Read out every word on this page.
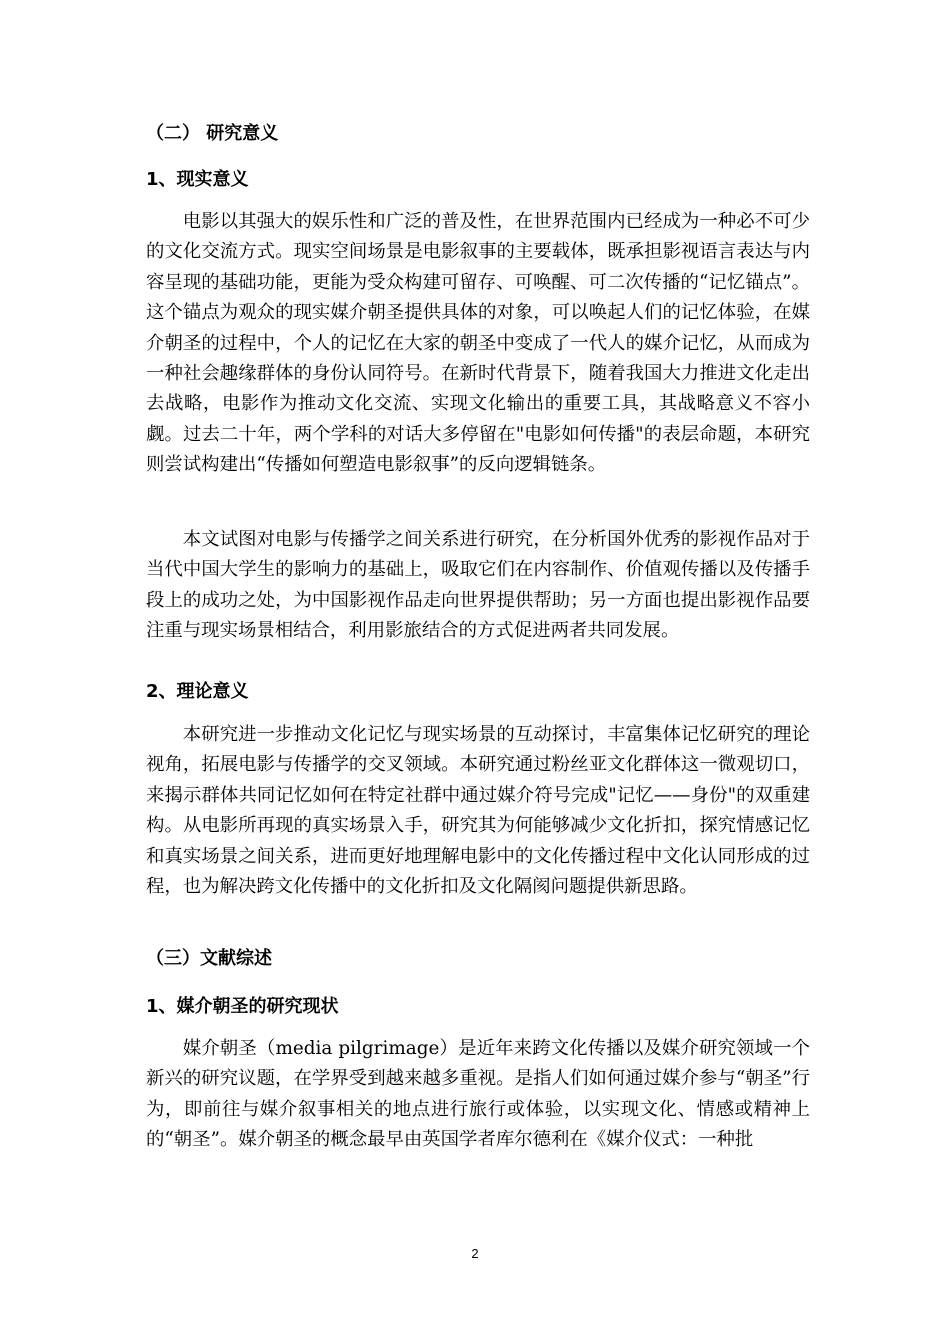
（二） 研究意义
1、现实意义

电影以其强大的娱乐性和广泛的普及性，在世界范围内已经成为一种必不可少的文化交流方式。现实空间场景是电影叙事的主要载体，既承担影视语言表达与内容呈现的基础功能，更能为受众构建可留存、可唤醒、可二次传播的“记忆锚点”。这个锚点为观众的现实媒介朝圣提供具体的对象，可以唤起人们的记忆体验，在媒介朝圣的过程中，个人的记忆在大家的朝圣中变成了一代人的媒介记忆，从而成为一种社会趣缘群体的身份认同符号。在新时代背景下，随着我国大力推进文化走出去战略，电影作为推动文化交流、实现文化输出的重要工具，其战略意义不容小觑。过去二十年，两个学科的对话大多停留在"电影如何传播"的表层命题，本研究则尝试构建出“传播如何塑造电影叙事”的反向逻辑链条。

本文试图对电影与传播学之间关系进行研究，在分析国外优秀的影视作品对于当代中国大学生的影响力的基础上，吸取它们在内容制作、价值观传播以及传播手段上的成功之处，为中国影视作品走向世界提供帮助；另一方面也提出影视作品要注重与现实场景相结合，利用影旅结合的方式促进两者共同发展。

2、理论意义

本研究进一步推动文化记忆与现实场景的互动探讨，丰富集体记忆研究的理论视角，拓展电影与传播学的交叉领域。本研究通过粉丝亚文化群体这一微观切口，来揭示群体共同记忆如何在特定社群中通过媒介符号完成"记忆——身份"的双重建构。从电影所再现的真实场景入手，研究其为何能够减少文化折扣，探究情感记忆和真实场景之间关系，进而更好地理解电影中的文化传播过程中文化认同形成的过程，也为解决跨文化传播中的文化折扣及文化隔阂问题提供新思路。

（三）文献综述
1、媒介朝圣的研究现状

媒介朝圣（media pilgrimage）是近年来跨文化传播以及媒介研究领域一个新兴的研究议题，在学界受到越来越多重视。是指人们如何通过媒介参与“朝圣”行为，即前往与媒介叙事相关的地点进行旅行或体验，以实现文化、情感或精神上的“朝圣”。媒介朝圣的概念最早由英国学者库尔德利在《媒介仪式：一种批

2
